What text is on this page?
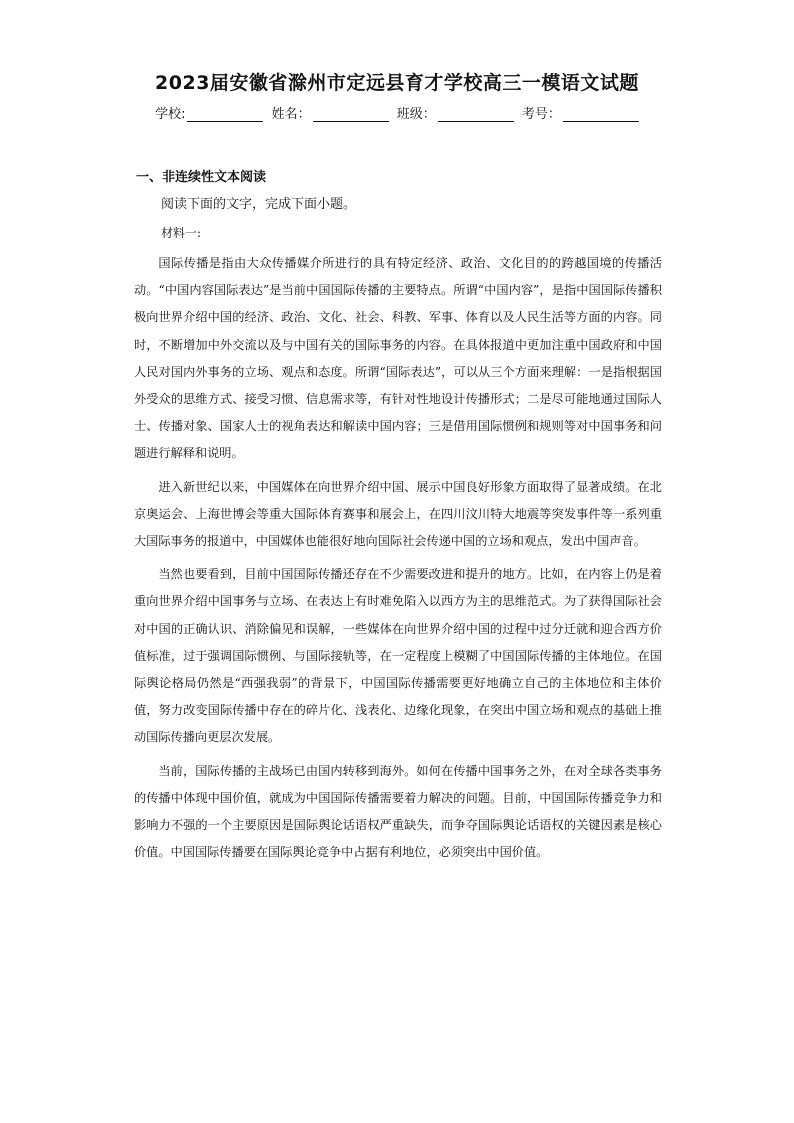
2023届安徽省滁州市定远县育才学校高三一模语文试题
学校:	姓名：	班级：	考号：
一、非连续性文本阅读
阅读下面的文字，完成下面小题。
材料一:

国际传播是指由大众传播媒介所进行的具有特定经济、政治、文化目的的跨越国境的传播活动。“中国内容国际表达”是当前中国国际传播的主要特点。所谓“中国内容”，是指中国国际传播积极向世界介绍中国的经济、政治、文化、社会、科教、军事、体育以及人民生活等方面的内容。同时，不断增加中外交流以及与中国有关的国际事务的内容。在具体报道中更加注重中国政府和中国人民对国内外事务的立场、观点和态度。所谓“国际表达”，可以从三个方面来理解：一是指根据国外受众的思维方式、接受习惯、信息需求等，有针对性地设计传播形式；二是尽可能地通过国际人士、传播对象、国家人士的视角表达和解读中国内容；三是借用国际惯例和规则等对中国事务和问题进行解释和说明。

进入新世纪以来，中国媒体在向世界介绍中国、展示中国良好形象方面取得了显著成绩。在北京奥运会、上海世博会等重大国际体育赛事和展会上，在四川汶川特大地震等突发事件等一系列重大国际事务的报道中，中国媒体也能很好地向国际社会传递中国的立场和观点，发出中国声音。

当然也要看到，目前中国国际传播还存在不少需要改进和提升的地方。比如，在内容上仍是着重向世界介绍中国事务与立场、在表达上有时难免陷入以西方为主的思维范式。为了获得国际社会对中国的正确认识、消除偏见和误解，一些媒体在向世界介绍中国的过程中过分迁就和迎合西方价值标准，过于强调国际惯例、与国际接轨等，在一定程度上模糊了中国国际传播的主体地位。在国际舆论格局仍然是“西强我弱”的背景下，中国国际传播需要更好地确立自己的主体地位和主体价值，努力改变国际传播中存在的碎片化、浅表化、边缘化现象，在突出中国立场和观点的基础上推动国际传播向更层次发展。

当前，国际传播的主战场已由国内转移到海外。如何在传播中国事务之外，在对全球各类事务的传播中体现中国价值，就成为中国国际传播需要着力解决的问题。目前，中国国际传播竞争力和影响力不强的一个主要原因是国际舆论话语权严重缺失，而争夺国际舆论话语权的关键因素是核心价值。中国国际传播要在国际舆论竞争中占据有利地位，必须突出中国价值。
